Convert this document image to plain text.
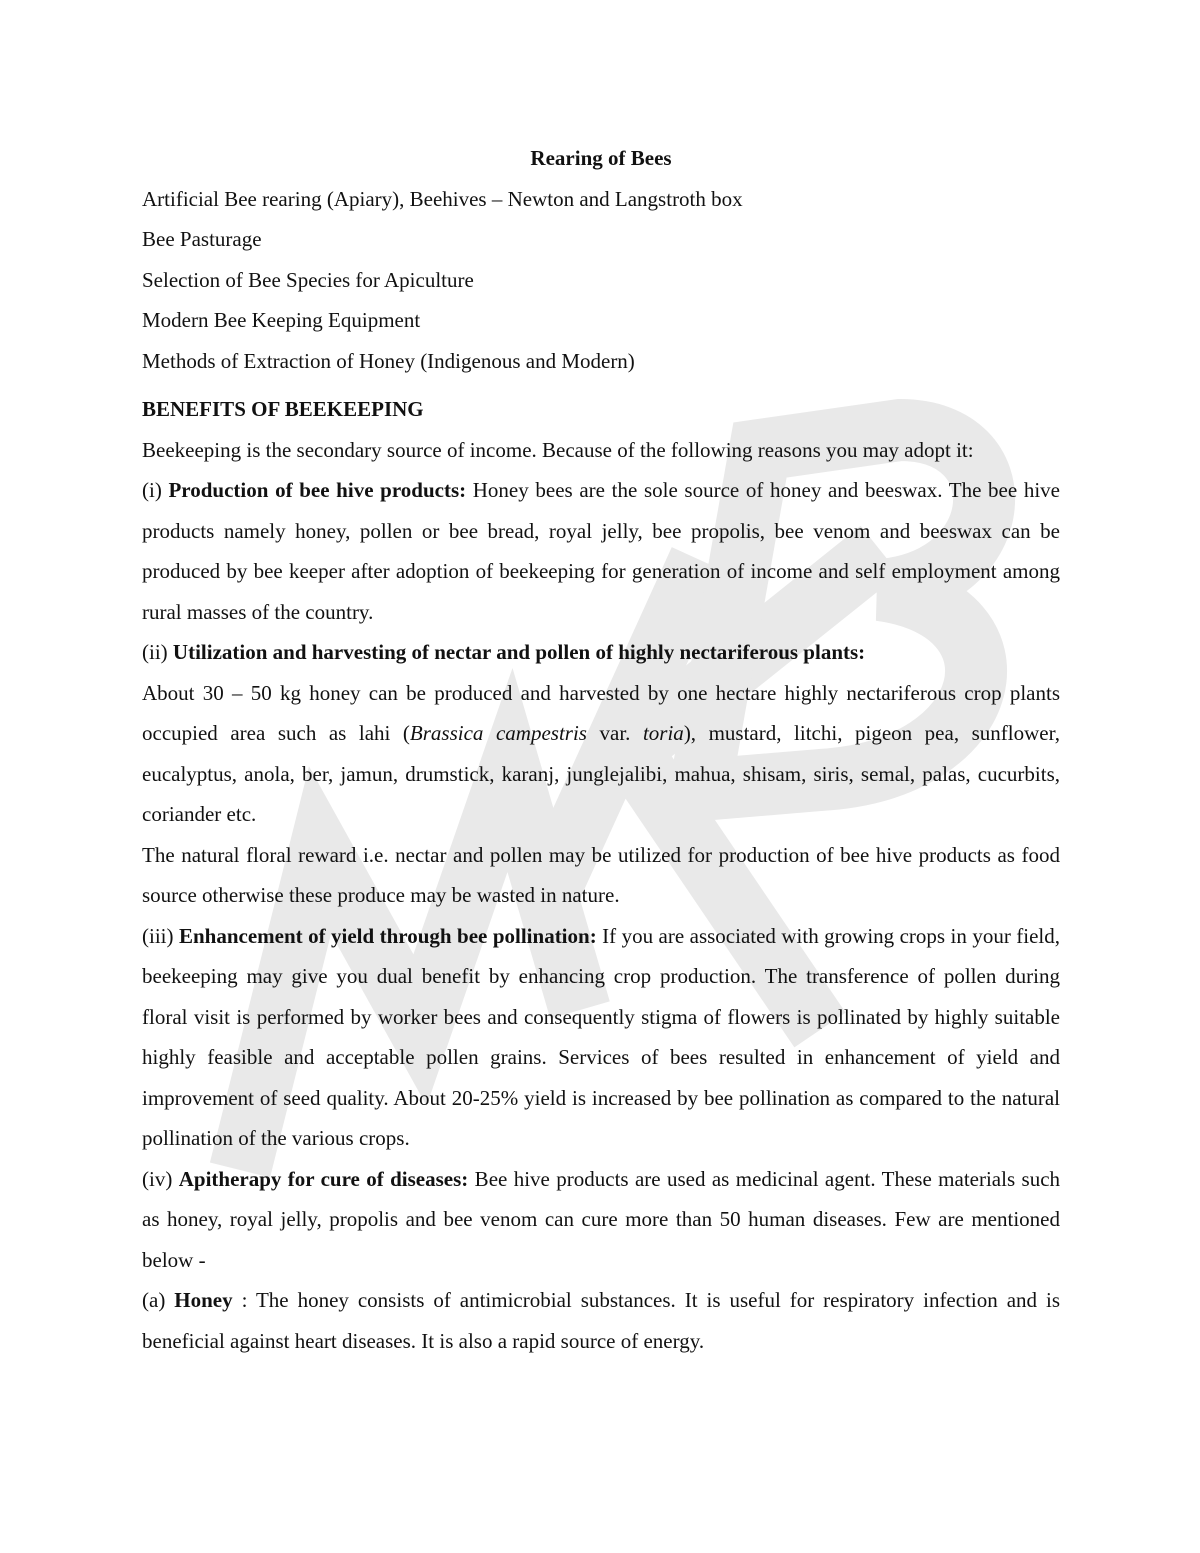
Rearing of Bees

Artificial Bee rearing (Apiary), Beehives – Newton and Langstroth box

Bee Pasturage

Selection of Bee Species for Apiculture

Modern Bee Keeping Equipment

Methods of Extraction of Honey (Indigenous and Modern)

BENEFITS OF BEEKEEPING

Beekeeping is the secondary source of income. Because of the following reasons you may adopt it:

(i) Production of bee hive products: Honey bees are the sole source of honey and beeswax. The bee hive products namely honey, pollen or bee bread, royal jelly, bee propolis, bee venom and beeswax can be produced by bee keeper after adoption of beekeeping for generation of income and self employment among rural masses of the country.

(ii) Utilization and harvesting of nectar and pollen of highly nectariferous plants:

About 30 – 50 kg honey can be produced and harvested by one hectare highly nectariferous crop plants occupied area such as lahi (Brassica campestris var. toria), mustard, litchi, pigeon pea, sunflower, eucalyptus, anola, ber, jamun, drumstick, karanj, junglejalibi, mahua, shisam, siris, semal, palas, cucurbits, coriander etc.

The natural floral reward i.e. nectar and pollen may be utilized for production of bee hive products as food source otherwise these produce may be wasted in nature.

(iii) Enhancement of yield through bee pollination: If you are associated with growing crops in your field, beekeeping may give you dual benefit by enhancing crop production. The transference of pollen during floral visit is performed by worker bees and consequently stigma of flowers is pollinated by highly suitable highly feasible and acceptable pollen grains. Services of bees resulted in enhancement of yield and improvement of seed quality. About 20-25% yield is increased by bee pollination as compared to the natural pollination of the various crops.

(iv) Apitherapy for cure of diseases: Bee hive products are used as medicinal agent. These materials such as honey, royal jelly, propolis and bee venom can cure more than 50 human diseases. Few are mentioned below -

(a) Honey : The honey consists of antimicrobial substances. It is useful for respiratory infection and is beneficial against heart diseases. It is also a rapid source of energy.
